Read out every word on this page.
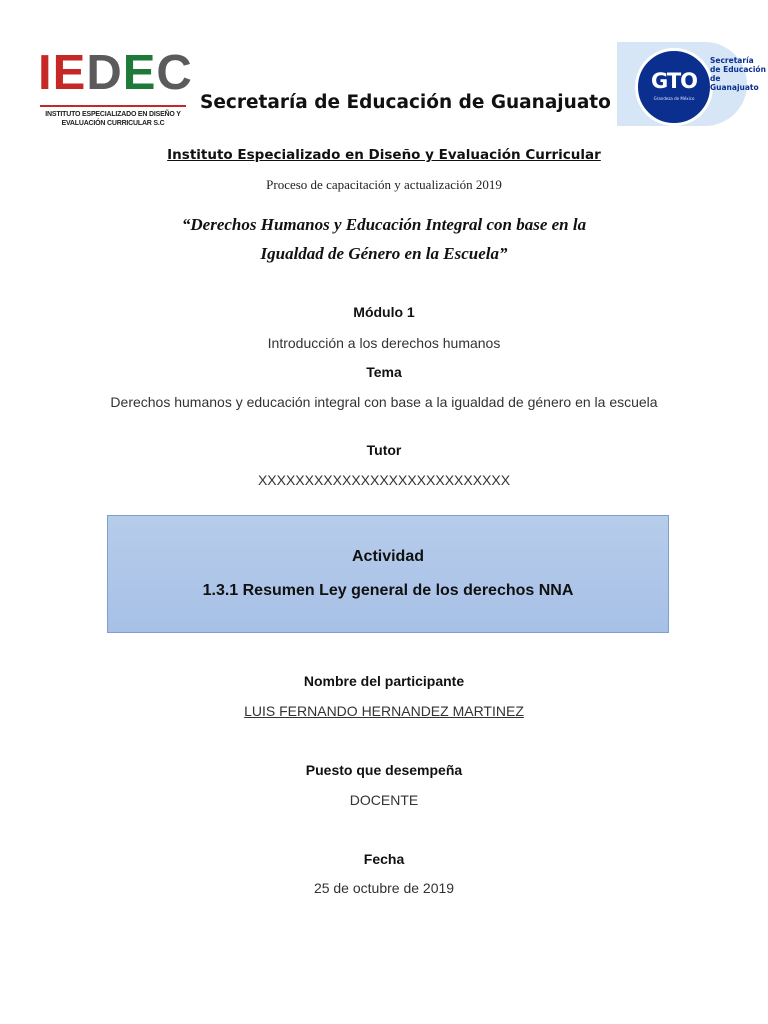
IEDEC
INSTITUTO ESPECIALIZADO EN DISEÑO Y EVALUACIÓN CURRICULAR S.C
Secretaría de Educación de Guanajuato
GTO
Grandeza de México
Secretaría
de Educación
de Guanajuato
Instituto Especializado en Diseño y Evaluación Curricular
Proceso de capacitación y actualización 2019
“Derechos Humanos y Educación Integral con base en la
Igualdad de Género en la Escuela”
Módulo 1
Introducción a los derechos humanos
Tema
Derechos humanos y educación integral con base a la igualdad de género en la escuela
Tutor
XXXXXXXXXXXXXXXXXXXXXXXXXXX
Actividad
1.3.1 Resumen Ley general de los derechos NNA
Nombre del participante
LUIS FERNANDO HERNANDEZ MARTINEZ
Puesto que desempeña
DOCENTE
Fecha
25 de octubre de 2019
